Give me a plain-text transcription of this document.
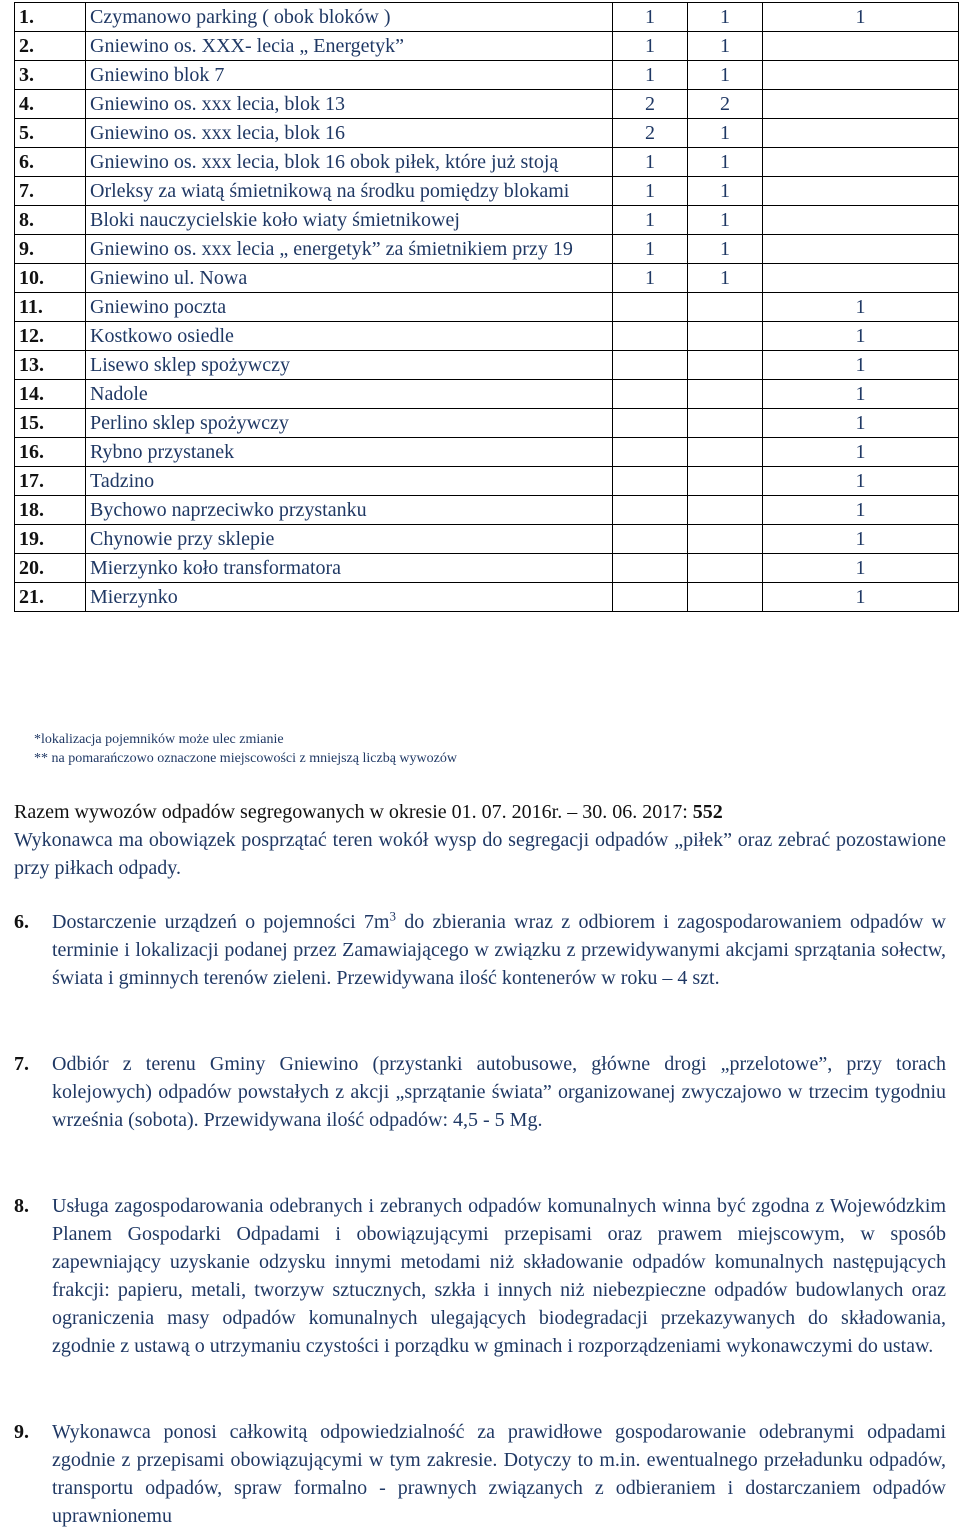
1.	Czymanowo parking ( obok bloków )	1	1	1
2.	Gniewino os. XXX- lecia „ Energetyk”	1	1	
3.	Gniewino blok 7	1	1	
4.	Gniewino os. xxx lecia, blok 13	2	2	
5.	Gniewino os. xxx lecia, blok 16	2	1	
6.	Gniewino os. xxx lecia, blok 16 obok piłek, które już stoją	1	1	
7.	Orleksy za wiatą śmietnikową na środku pomiędzy blokami	1	1	
8.	Bloki nauczycielskie koło wiaty śmietnikowej	1	1	
9.	Gniewino os. xxx lecia „ energetyk” za śmietnikiem przy 19	1	1	
10.	Gniewino ul. Nowa	1	1	
11.	Gniewino poczta			1
12.	Kostkowo osiedle			1
13.	Lisewo sklep spożywczy			1
14.	Nadole			1
15.	Perlino sklep spożywczy			1
16.	Rybno przystanek			1
17.	Tadzino			1
18.	Bychowo naprzeciwko przystanku			1
19.	Chynowie przy sklepie			1
20.	Mierzynko koło transformatora			1
21.	Mierzynko			1
*lokalizacja pojemników może ulec zmianie
** na pomarańczowo oznaczone miejscowości z mniejszą liczbą wywozów
Razem wywozów odpadów segregowanych w okresie 01. 07. 2016r. – 30. 06. 2017: 552
Wykonawca ma obowiązek posprzątać teren wokół wysp do segregacji odpadów „piłek” oraz zebrać pozostawione przy piłkach odpady.
6. Dostarczenie urządzeń o pojemności $7m^3$ do zbierania wraz z odbiorem i zagospodarowaniem odpadów w terminie i lokalizacji podanej przez Zamawiającego w związku z przewidywanymi akcjami sprzątania sołectw, świata i gminnych terenów zieleni. Przewidywana ilość kontenerów w roku – 4 szt.
7. Odbiór z terenu Gminy Gniewino (przystanki autobusowe, główne drogi „przelotowe”, przy torach kolejowych) odpadów powstałych z akcji „sprzątanie świata” organizowanej zwyczajowo w trzecim tygodniu września (sobota). Przewidywana ilość odpadów: 4,5 - 5 Mg.
8. Usługa zagospodarowania odebranych i zebranych odpadów komunalnych winna być zgodna z Wojewódzkim Planem Gospodarki Odpadami i obowiązującymi przepisami oraz prawem miejscowym, w sposób zapewniający uzyskanie odzysku innymi metodami niż składowanie odpadów komunalnych następujących frakcji: papieru, metali, tworzyw sztucznych, szkła i innych niż niebezpieczne odpadów budowlanych oraz ograniczenia masy odpadów komunalnych ulegających biodegradacji przekazywanych do składowania, zgodnie z ustawą o utrzymaniu czystości i porządku w gminach i rozporządzeniami wykonawczymi do ustaw.
9. Wykonawca ponosi całkowitą odpowiedzialność za prawidłowe gospodarowanie odebranymi odpadami zgodnie z przepisami obowiązującymi w tym zakresie. Dotyczy to m.in. ewentualnego przeładunku odpadów, transportu odpadów, spraw formalno - prawnych związanych z odbieraniem i dostarczaniem odpadów uprawnionemu
